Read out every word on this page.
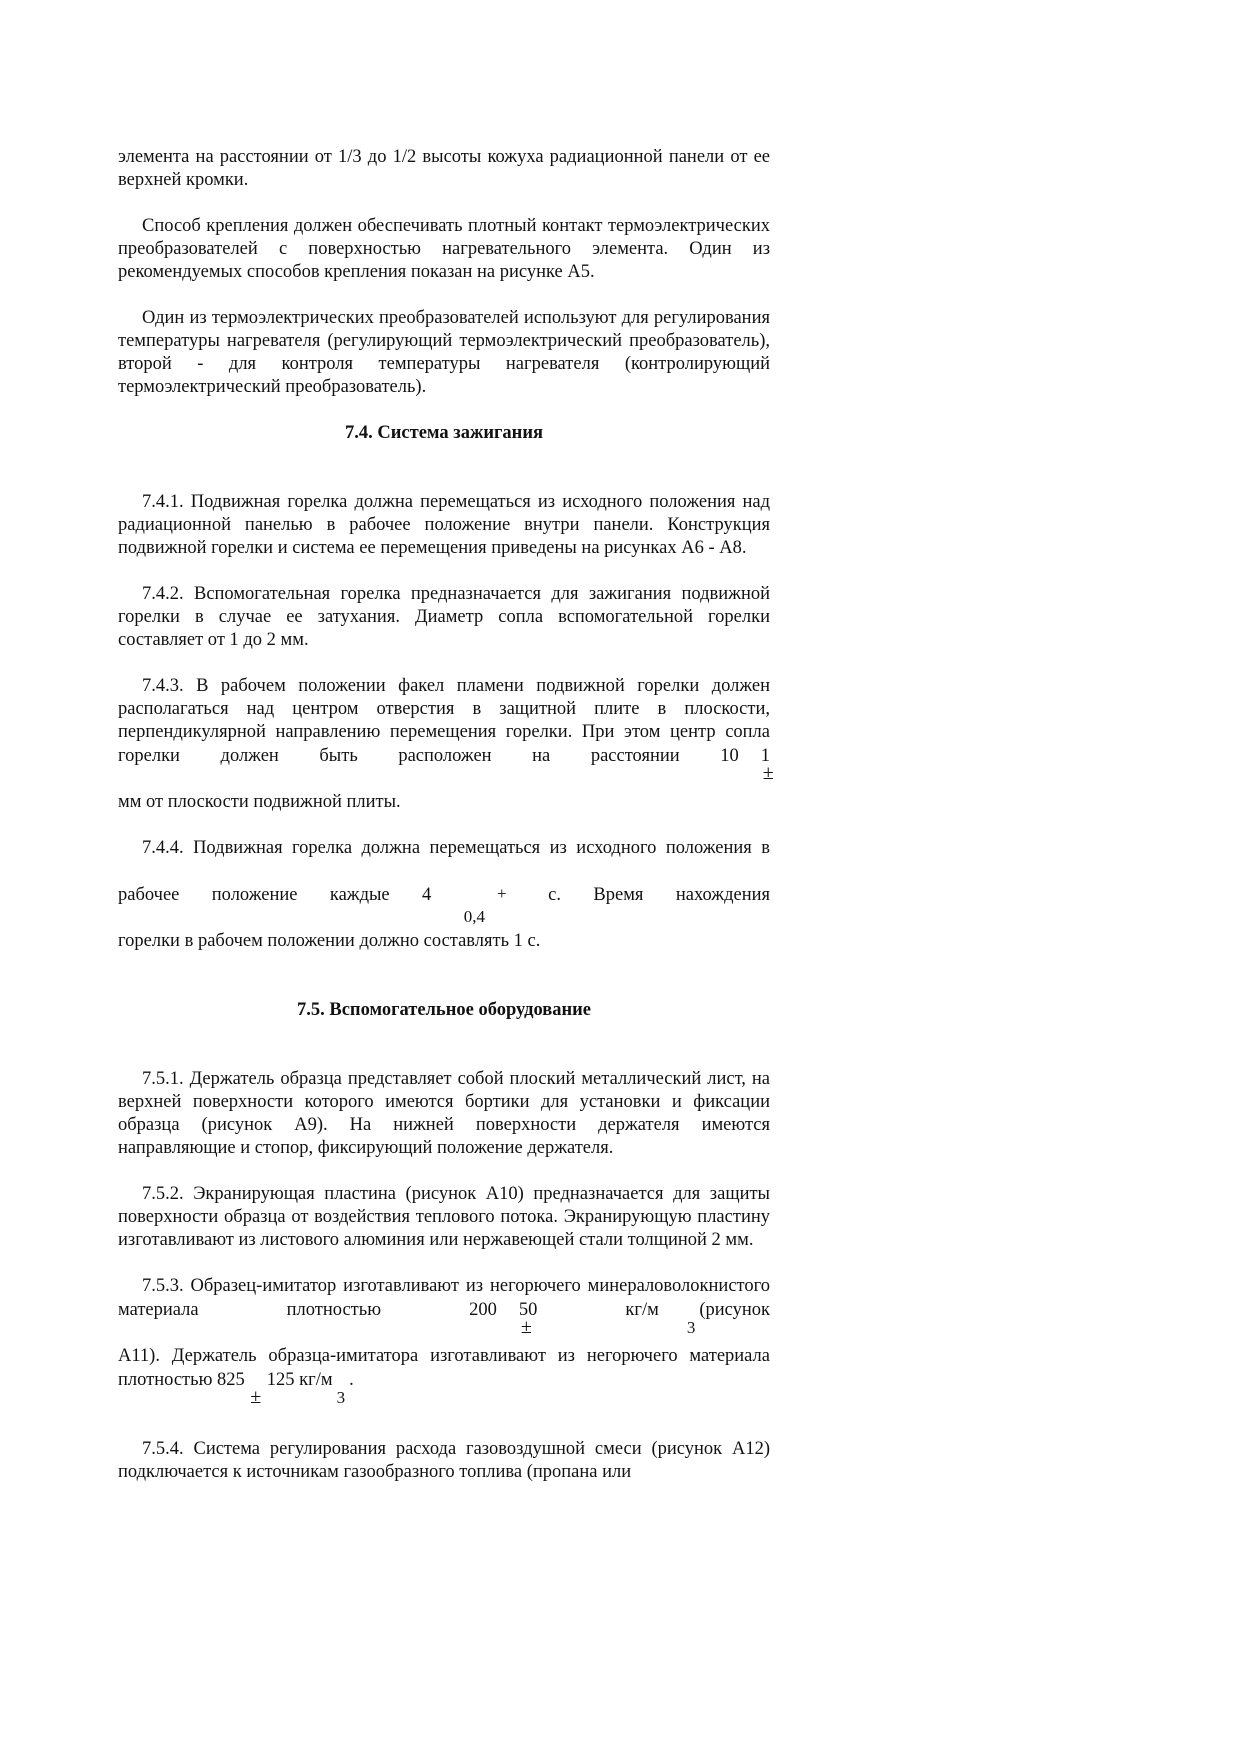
элемента на расстоянии от 1/3 до 1/2 высоты кожуха радиационной панели от ее верхней кромки.

Способ крепления должен обеспечивать плотный контакт термоэлектрических преобразователей с поверхностью нагревательного элемента. Один из рекомендуемых способов крепления показан на рисунке А5.

Один из термоэлектрических преобразователей используют для регулирования температуры нагревателя (регулирующий термоэлектрический преобразователь), второй - для контроля температуры нагревателя (контролирующий термоэлектрический преобразователь).

7.4. Система зажигания

7.4.1. Подвижная горелка должна перемещаться из исходного положения над радиационной панелью в рабочее положение внутри панели. Конструкция подвижной горелки и система ее перемещения приведены на рисунках А6 - А8.

7.4.2. Вспомогательная горелка предназначается для зажигания подвижной горелки в случае ее затухания. Диаметр сопла вспомогательной горелки составляет от 1 до 2 мм.

7.4.3. В рабочем положении факел пламени подвижной горелки должен располагаться над центром отверстия в защитной плите в плоскости, перпендикулярной направлению перемещения горелки. При этом центр сопла горелки должен быть расположен на расстоянии 10±1

мм от плоскости подвижной плиты.

7.4.4. Подвижная горелка должна перемещаться из исходного положения в рабочее положение каждые 4	+ 0,4 с. Время нахождения

горелки в рабочем положении должно составлять 1 с.

7.5. Вспомогательное оборудование

7.5.1. Держатель образца представляет собой плоский металлический лист, на верхней поверхности которого имеются бортики для установки и фиксации образца (рисунок А9). На нижней поверхности держателя имеются направляющие и стопор, фиксирующий положение держателя.

7.5.2. Экранирующая пластина (рисунок А10) предназначается для защиты поверхности образца от воздействия теплового потока. Экранирующую пластину изготавливают из листового алюминия или нержавеющей стали толщиной 2 мм.

7.5.3. Образец-имитатор изготавливают из негорючего минераловолокнистого материала плотностью 200±50 кг/м3(рисунок

А11). Держатель образца-имитатора изготавливают из негорючего материала плотностью 825±125 кг/м3.

7.5.4. Система регулирования расхода газовоздушной смеси (рисунок А12) подключается к источникам газообразного топлива (пропана или
